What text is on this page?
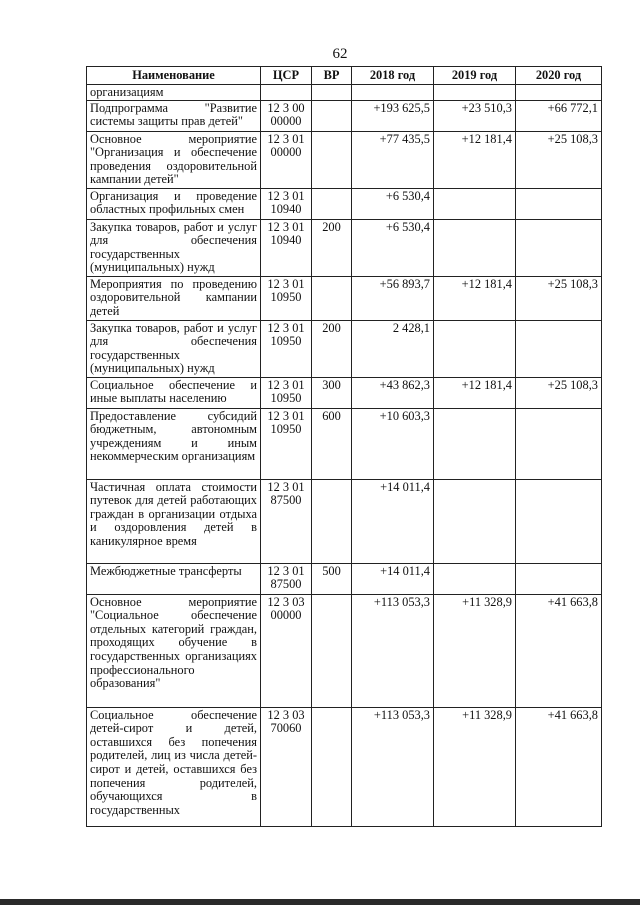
62
Наименование	ЦСР	ВР	2018 год	2019 год	2020 год
организациям					
Подпрограмма "Развитие системы защиты прав детей"	12 3 00 00000		+193 625,5	+23 510,3	+66 772,1
Основное мероприятие "Организация и обеспечение проведения оздоровительной кампании детей"	12 3 01 00000		+77 435,5	+12 181,4	+25 108,3
Организация и проведение областных профильных смен	12 3 01 10940		+6 530,4		
Закупка товаров, работ и услуг для обеспечения государственных (муниципальных) нужд	12 3 01 10940	200	+6 530,4		
Мероприятия по проведению оздоровительной кампании детей	12 3 01 10950		+56 893,7	+12 181,4	+25 108,3
Закупка товаров, работ и услуг для обеспечения государственных (муниципальных) нужд	12 3 01 10950	200	2 428,1		
Социальное обеспечение и иные выплаты населению	12 3 01 10950	300	+43 862,3	+12 181,4	+25 108,3
Предоставление субсидий бюджетным, автономным учреждениям и иным некоммерческим организациям	12 3 01 10950	600	+10 603,3		
Частичная оплата стоимости путевок для детей работающих граждан в организации отдыха и оздоровления детей в каникулярное время	12 3 01 87500		+14 011,4		
Межбюджетные трансферты	12 3 01 87500	500	+14 011,4		
Основное мероприятие "Социальное обеспечение отдельных категорий граждан, проходящих обучение в государственных организациях профессионального образования"	12 3 03 00000		+113 053,3	+11 328,9	+41 663,8
Социальное обеспечение детей-сирот и детей, оставшихся без попечения родителей, лиц из числа детей-сирот и детей, оставшихся без попечения родителей, обучающихся в государственных	12 3 03 70060		+113 053,3	+11 328,9	+41 663,8
